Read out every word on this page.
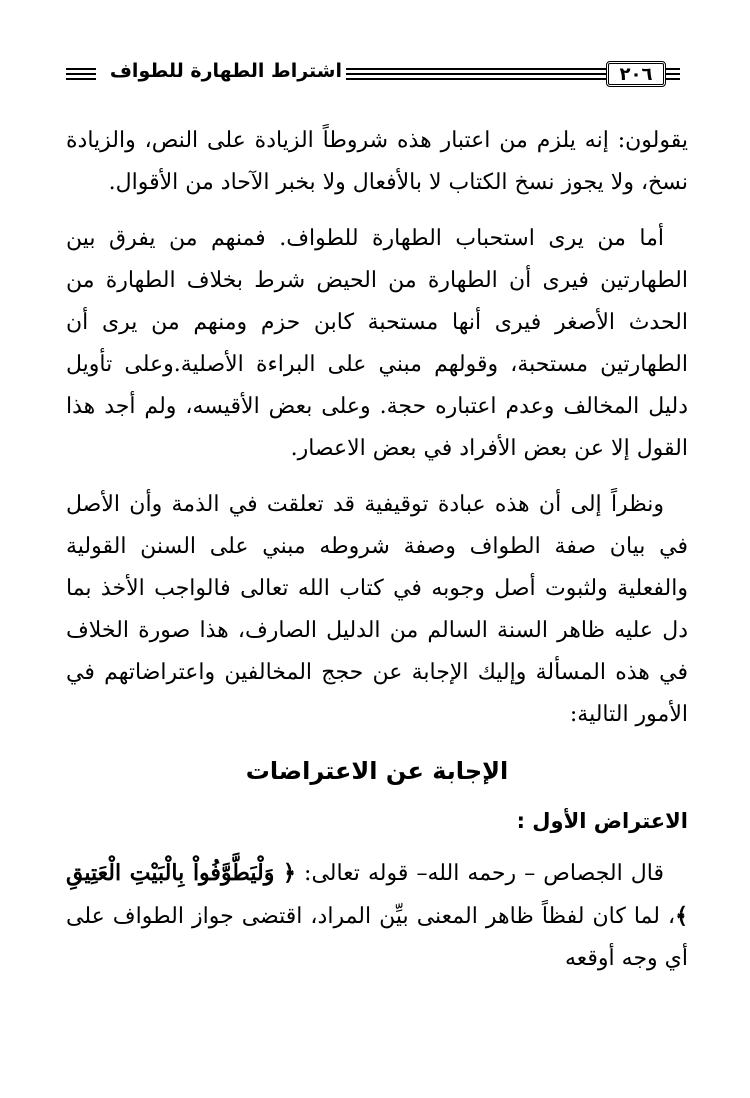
٢٠٦
اشتراط الطهارة للطواف

يقولون: إنه يلزم من اعتبار هذه شروطاً الزيادة على النص، والزيادة نسخ، ولا يجوز نسخ الكتاب لا بالأفعال ولا بخبر الآحاد من الأقوال.

أما من يرى استحباب الطهارة للطواف. فمنهم من يفرق بين الطهارتين فيرى أن الطهارة من الحيض شرط بخلاف الطهارة من الحدث الأصغر فيرى أنها مستحبة كابن حزم ومنهم من يرى أن الطهارتين مستحبة، وقولهم مبني على البراءة الأصلية.وعلى تأويل دليل المخالف وعدم اعتباره حجة. وعلى بعض الأقيسه، ولم أجد هذا القول إلا عن بعض الأفراد في بعض الاعصار.

ونظراً إلى أن هذه عبادة توقيفية قد تعلقت في الذمة وأن الأصل في بيان صفة الطواف وصفة شروطه مبني على السنن القولية والفعلية ولثبوت أصل وجوبه في كتاب الله تعالى فالواجب الأخذ بما دل عليه ظاهر السنة السالم من الدليل الصارف، هذا صورة الخلاف في هذه المسألة وإليك الإجابة عن حجج المخالفين واعتراضاتهم في الأمور التالية:

الإجابة عن الاعتراضات
الاعتراض الأول :

قال الجصاص – رحمه الله– قوله تعالى: ﴿ وَلْيَطَّوَّفُواْ بِالْبَيْتِ الْعَتِيقِ ﴾، لما كان لفظاً ظاهر المعنى بيِّن المراد، اقتضى جواز الطواف على أي وجه أوقعه
